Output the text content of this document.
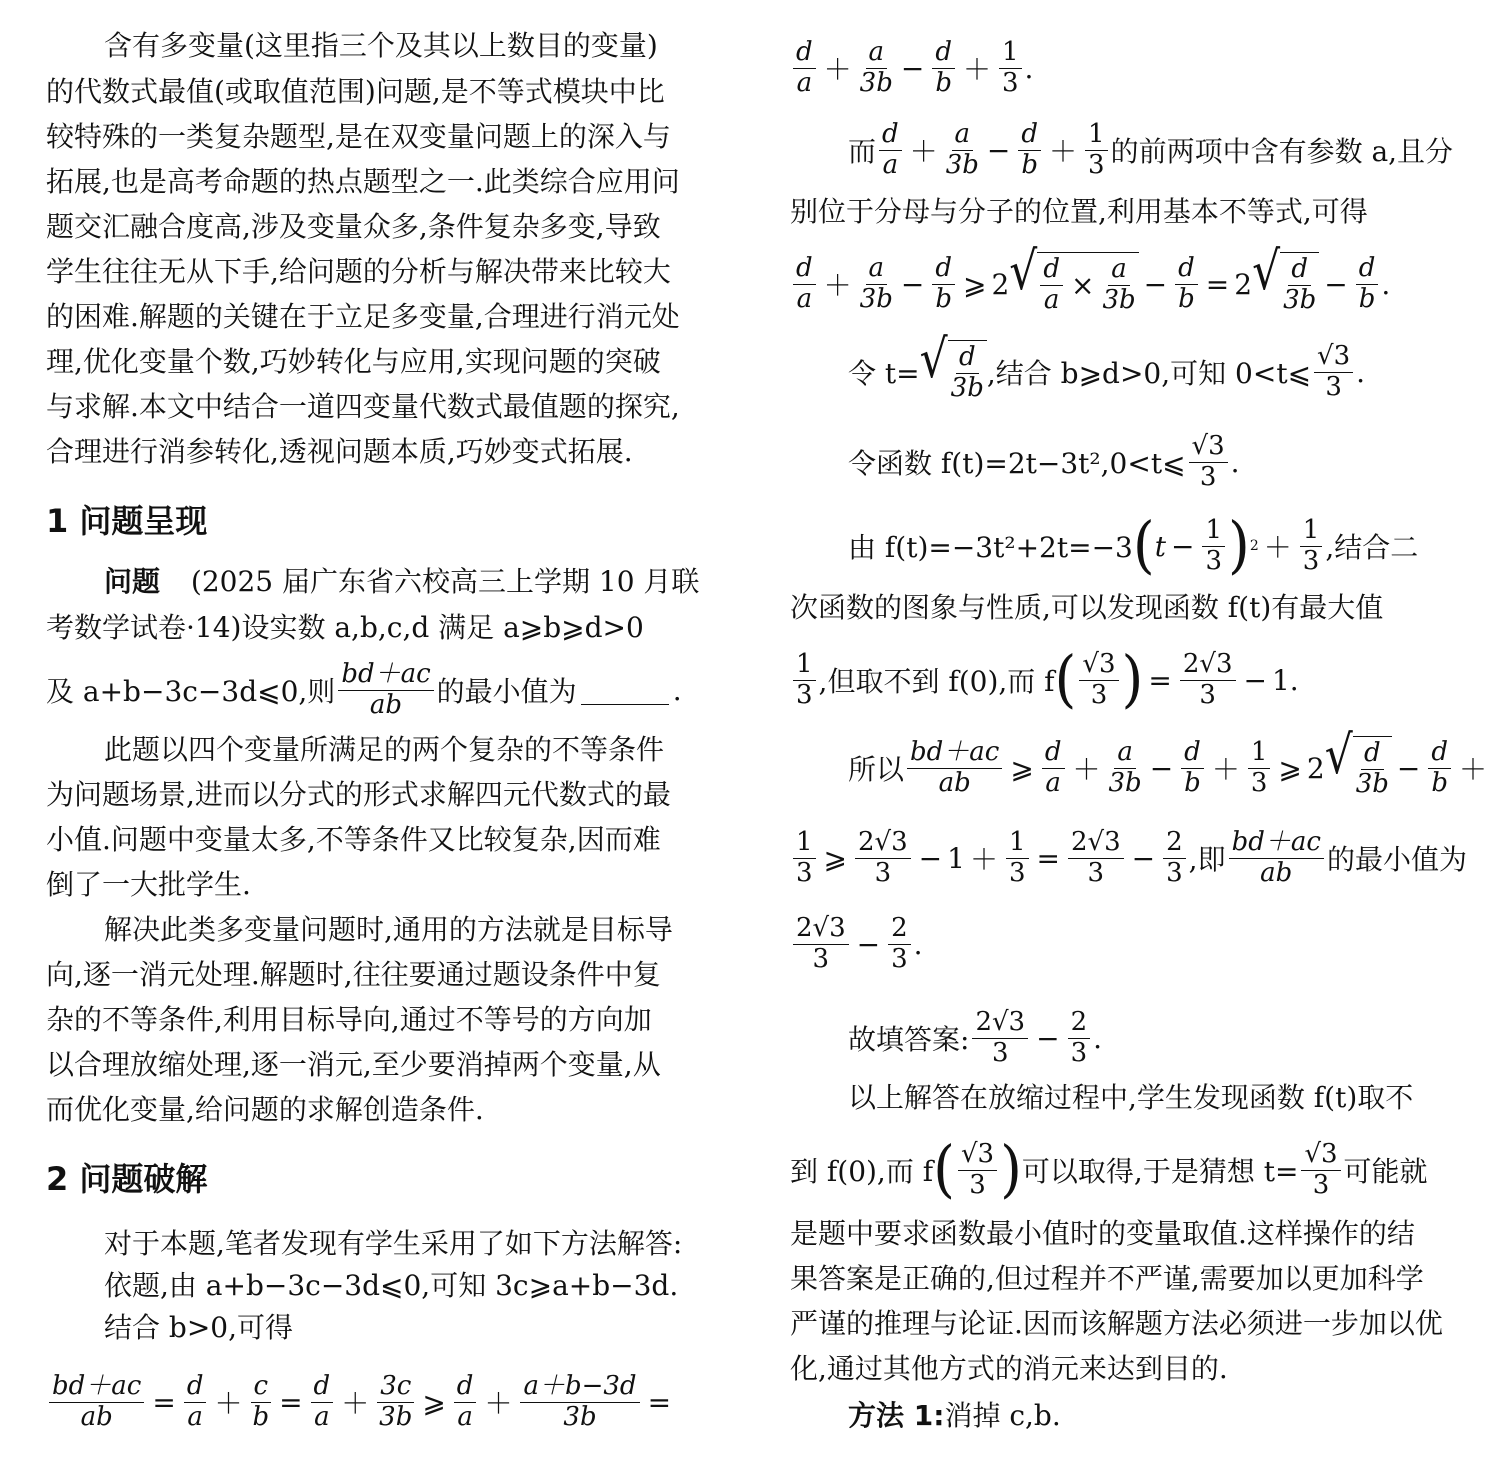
含有多变量(这里指三个及其以上数目的变量)
的代数式最值(或取值范围)问题,是不等式模块中比
较特殊的一类复杂题型,是在双变量问题上的深入与
拓展,也是高考命题的热点题型之一.此类综合应用问
题交汇融合度高,涉及变量众多,条件复杂多变,导致
学生往往无从下手,给问题的分析与解决带来比较大
的困难.解题的关键在于立足多变量,合理进行消元处
理,优化变量个数,巧妙转化与应用,实现问题的突破
与求解.本文中结合一道四变量代数式最值题的探究,
合理进行消参转化,透视问题本质,巧妙变式拓展.
1 问题呈现
问题 (2025 届广东省六校高三上学期 10 月联
考数学试卷·14)设实数 a,b,c,d 满足 a⩾b⩾d>0
及 a+b−3c−3d⩽0,则 $\frac{bd+ac}{ab}$ 的最小值为	.
此题以四个变量所满足的两个复杂的不等条件
为问题场景,进而以分式的形式求解四元代数式的最
小值.问题中变量太多,不等条件又比较复杂,因而难
倒了一大批学生.
解决此类多变量问题时,通用的方法就是目标导
向,逐一消元处理.解题时,往往要通过题设条件中复
杂的不等条件,利用目标导向,通过不等号的方向加
以合理放缩处理,逐一消元,至少要消掉两个变量,从
而优化变量,给问题的求解创造条件.
2 问题破解
对于本题,笔者发现有学生采用了如下方法解答:
依题,由 a+b−3c−3d⩽0,可知 3c⩾a+b−3d.
结合 b>0,可得
$\frac{bd+ac}{ab} = \frac{d}{a} + \frac{c}{b} = \frac{d}{a} + \frac{3c}{3b}$ ⩾ $\frac{d}{a} + \frac{a+b-3d}{3b}$ =
$\frac{d}{a} + \frac{a}{3b} - \frac{d}{b} + \frac{1}{3}$ .
而 $\frac{d}{a} + \frac{a}{3b} - \frac{d}{b} + \frac{1}{3}$ 的前两项中含有参数 a,且分
别位于分母与分子的位置,利用基本不等式,可得
$\frac{d}{a} + \frac{a}{3b} - \frac{d}{b}$ ⩾ 2 √ $\frac{d}{a} \times \frac{a}{3b} - \frac{d}{b} = 2$ √ $\frac{d}{3b} - \frac{d}{b}$ .
令 t= √ $\frac{d}{3b}$ ,结合 b⩾d>0,可知 0<t⩽ $\frac{√3}{3}$ .
令函数 f(t)=2t−3t²,0<t⩽ $\frac{√3}{3}$ .
由 f(t)=−3t²+2t=−3 ( $t - \frac{1}{3}$ ) $2 + \frac{1}{3}$ ,结合二
次函数的图象与性质,可以发现函数 f(t)有最大值
$\frac{1}{3}$ ,但取不到 f(0),而 f ( $\frac{√3}{3}$ ) = $\frac{2√3}{3} - 1$.
所以 $\frac{bd+ac}{ab}$ ⩾ $\frac{d}{a} + \frac{a}{3b} - \frac{d}{b} + \frac{1}{3}$ ⩾ 2 √ $\frac{d}{3b} - \frac{d}{b}$ ＋
$\frac{1}{3}$ ⩾ $\frac{2√3}{3} - 1 + \frac{1}{3} = \frac{2√3}{3} - \frac{2}{3}$ ,即 $\frac{bd+ac}{ab}$ 的最小值为
$\frac{2√3}{3} - \frac{2}{3}$ .
故填答案: $\frac{2√3}{3} - \frac{2}{3}$ .
以上解答在放缩过程中,学生发现函数 f(t)取不
到 f(0),而 f ( $\frac{√3}{3}$ ) 可以取得,于是猜想 $t= \frac{√3}{3}$ 可能就
是题中要求函数最小值时的变量取值.这样操作的结
果答案是正确的,但过程并不严谨,需要加以更加科学
严谨的推理与论证.因而该解题方法必须进一步加以优
化,通过其他方式的消元来达到目的.
方法 1:消掉 c,b.
